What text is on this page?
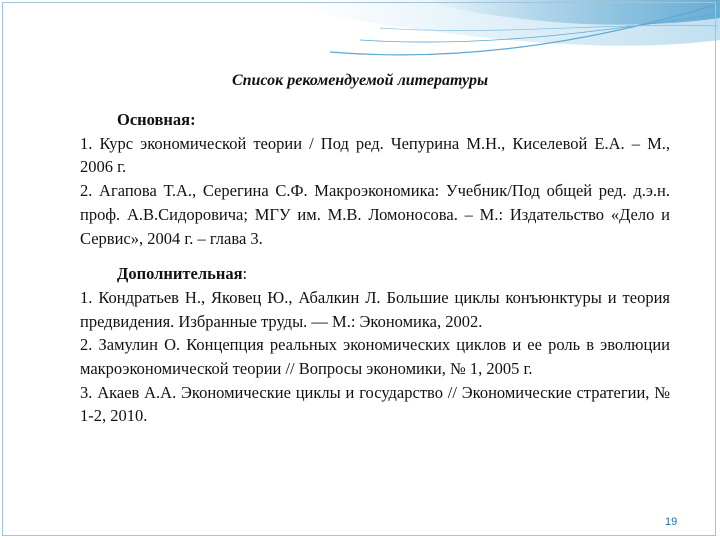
Список рекомендуемой литературы
Основная:
1. Курс экономической теории / Под ред. Чепурина М.Н., Киселевой Е.А. – М., 2006 г.
2. Агапова Т.А., Серегина С.Ф. Макроэкономика: Учебник/Под общей ред. д.э.н. проф. А.В.Сидоровича; МГУ им. М.В. Ломоносова. – М.: Издательство «Дело и Сервис», 2004 г. – глава 3.
Дополнительная:
1. Кондратьев Н., Яковец Ю., Абалкин Л. Большие циклы конъюнктуры и теория предвидения. Избранные труды. — М.: Экономика, 2002.
2. Замулин О. Концепция реальных экономических циклов и ее роль в эволюции макроэкономической теории // Вопросы экономики, № 1, 2005 г.
3. Акаев А.А. Экономические циклы и государство // Экономические стратегии, № 1-2, 2010.
19
